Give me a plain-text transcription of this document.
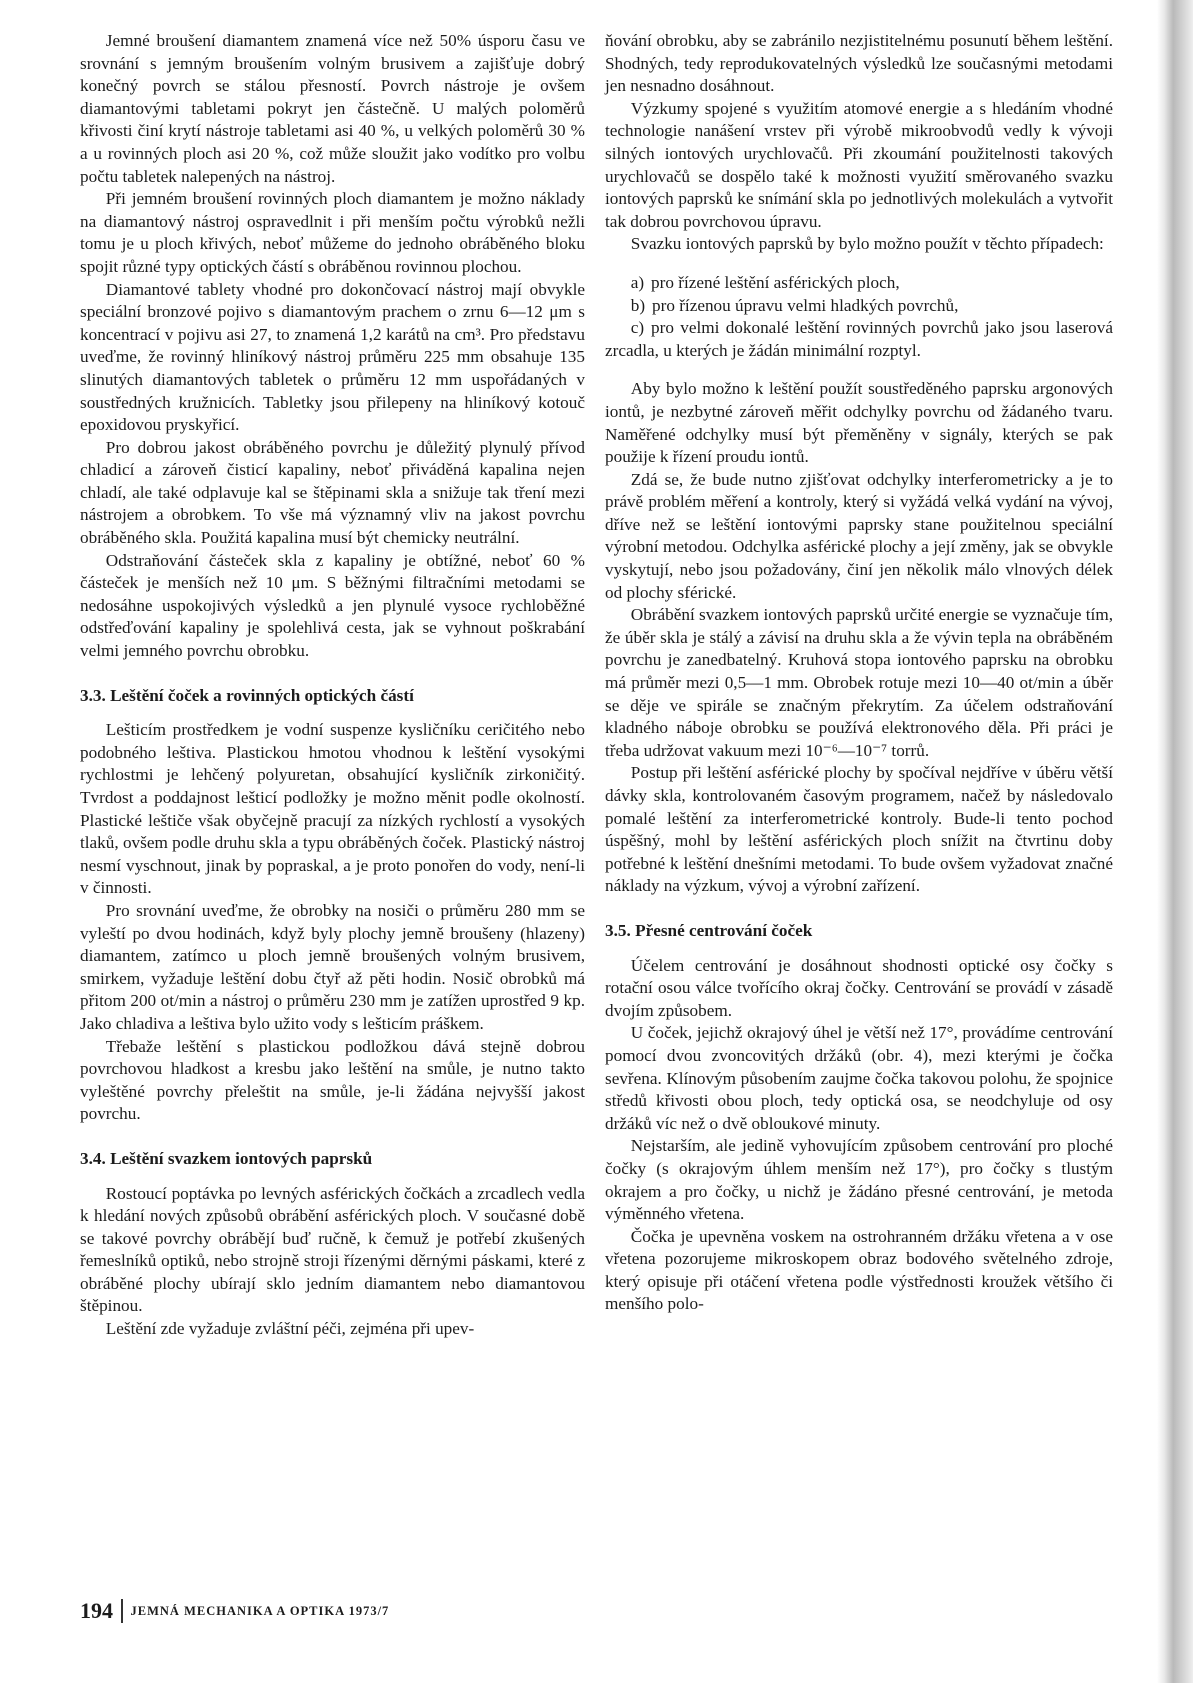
Jemné broušení diamantem znamená více než 50% úsporu času ve srovnání s jemným broušením volným brusivem a zajišťuje dobrý konečný povrch se stálou přesností. Povrch nástroje je ovšem diamantovými tabletami pokryt jen částečně. U malých poloměrů křivosti činí krytí nástroje tabletami asi 40 %, u velkých poloměrů 30 % a u rovinných ploch asi 20 %, což může sloužit jako vodítko pro volbu počtu tabletek nalepených na nástroj.

Při jemném broušení rovinných ploch diamantem je možno náklady na diamantový nástroj ospravedlnit i při menším počtu výrobků nežli tomu je u ploch křivých, neboť můžeme do jednoho obráběného bloku spojit různé typy optických částí s obráběnou rovinnou plochou.

Diamantové tablety vhodné pro dokončovací nástroj mají obvykle speciální bronzové pojivo s diamantovým prachem o zrnu 6—12 μm s koncentrací v pojivu asi 27, to znamená 1,2 karátů na cm³. Pro představu uveďme, že rovinný hliníkový nástroj průměru 225 mm obsahuje 135 slinutých diamantových tabletek o průměru 12 mm uspořádaných v soustředných kružnicích. Tabletky jsou přilepeny na hliníkový kotouč epoxidovou pryskyřicí.

Pro dobrou jakost obráběného povrchu je důležitý plynulý přívod chladicí a zároveň čisticí kapaliny, neboť přiváděná kapalina nejen chladí, ale také odplavuje kal se štěpinami skla a snižuje tak tření mezi nástrojem a obrobkem. To vše má významný vliv na jakost povrchu obráběného skla. Použitá kapalina musí být chemicky neutrální.

Odstraňování částeček skla z kapaliny je obtížné, neboť 60 % částeček je menších než 10 μm. S běžnými filtračními metodami se nedosáhne uspokojivých výsledků a jen plynulé vysoce rychloběžné odstřeďování kapaliny je spolehlivá cesta, jak se vyhnout poškrabání velmi jemného povrchu obrobku.

3.3. Leštění čoček a rovinných optických částí

Lešticím prostředkem je vodní suspenze kysličníku ceričitého nebo podobného leštiva. Plastickou hmotou vhodnou k leštění vysokými rychlostmi je lehčený polyuretan, obsahující kysličník zirkoničitý. Tvrdost a poddajnost lešticí podložky je možno měnit podle okolností. Plastické leštiče však obyčejně pracují za nízkých rychlostí a vysokých tlaků, ovšem podle druhu skla a typu obráběných čoček. Plastický nástroj nesmí vyschnout, jinak by popraskal, a je proto ponořen do vody, není-li v činnosti.

Pro srovnání uveďme, že obrobky na nosiči o průměru 280 mm se vyleští po dvou hodinách, když byly plochy jemně broušeny (hlazeny) diamantem, zatímco u ploch jemně broušených volným brusivem, smirkem, vyžaduje leštění dobu čtyř až pěti hodin. Nosič obrobků má přitom 200 ot/min a nástroj o průměru 230 mm je zatížen uprostřed 9 kp. Jako chladiva a leštiva bylo užito vody s lešticím práškem.

Třebaže leštění s plastickou podložkou dává stejně dobrou povrchovou hladkost a kresbu jako leštění na smůle, je nutno takto vyleštěné povrchy přeleštit na smůle, je-li žádána nejvyšší jakost povrchu.

3.4. Leštění svazkem iontových paprsků

Rostoucí poptávka po levných asférických čočkách a zrcadlech vedla k hledání nových způsobů obrábění asférických ploch. V současné době se takové povrchy obrábějí buď ručně, k čemuž je potřebí zkušených řemeslníků optiků, nebo strojně stroji řízenými děrnými páskami, které z obráběné plochy ubírají sklo jedním diamantem nebo diamantovou štěpinou.

Leštění zde vyžaduje zvláštní péči, zejména při upev-

ňování obrobku, aby se zabránilo nezjistitelnému posunutí během leštění. Shodných, tedy reprodukovatelných výsledků lze současnými metodami jen nesnadno dosáhnout.

Výzkumy spojené s využitím atomové energie a s hledáním vhodné technologie nanášení vrstev při výrobě mikroobvodů vedly k vývoji silných iontových urychlovačů. Při zkoumání použitelnosti takových urychlovačů se dospělo také k možnosti využití směrovaného svazku iontových paprsků ke snímání skla po jednotlivých molekulách a vytvořit tak dobrou povrchovou úpravu.

Svazku iontových paprsků by bylo možno použít v těchto případech:

a) pro řízené leštění asférických ploch,
b) pro řízenou úpravu velmi hladkých povrchů,
c) pro velmi dokonalé leštění rovinných povrchů jako jsou laserová zrcadla, u kterých je žádán minimální rozptyl.

Aby bylo možno k leštění použít soustředěného paprsku argonových iontů, je nezbytné zároveň měřit odchylky povrchu od žádaného tvaru. Naměřené odchylky musí být přeměněny v signály, kterých se pak použije k řízení proudu iontů.

Zdá se, že bude nutno zjišťovat odchylky interferometricky a je to právě problém měření a kontroly, který si vyžádá velká vydání na vývoj, dříve než se leštění iontovými paprsky stane použitelnou speciální výrobní metodou. Odchylka asférické plochy a její změny, jak se obvykle vyskytují, nebo jsou požadovány, činí jen několik málo vlnových délek od plochy sférické.

Obrábění svazkem iontových paprsků určité energie se vyznačuje tím, že úběr skla je stálý a závisí na druhu skla a že vývin tepla na obráběném povrchu je zanedbatelný. Kruhová stopa iontového paprsku na obrobku má průměr mezi 0,5—1 mm. Obrobek rotuje mezi 10—40 ot/min a úběr se děje ve spirále se značným překrytím. Za účelem odstraňování kladného náboje obrobku se používá elektronového děla. Při práci je třeba udržovat vakuum mezi 10⁻⁶—10⁻⁷ torrů.

Postup při leštění asférické plochy by spočíval nejdříve v úběru větší dávky skla, kontrolovaném časovým programem, načež by následovalo pomalé leštění za interferometrické kontroly. Bude-li tento pochod úspěšný, mohl by leštění asférických ploch snížit na čtvrtinu doby potřebné k leštění dnešními metodami. To bude ovšem vyžadovat značné náklady na výzkum, vývoj a výrobní zařízení.

3.5. Přesné centrování čoček

Účelem centrování je dosáhnout shodnosti optické osy čočky s rotační osou válce tvořícího okraj čočky. Centrování se provádí v zásadě dvojím způsobem.

U čoček, jejichž okrajový úhel je větší než 17°, provádíme centrování pomocí dvou zvoncovitých držáků (obr. 4), mezi kterými je čočka sevřena. Klínovým působením zaujme čočka takovou polohu, že spojnice středů křivosti obou ploch, tedy optická osa, se neodchyluje od osy držáků víc než o dvě obloukové minuty.

Nejstarším, ale jedině vyhovujícím způsobem centrování pro ploché čočky (s okrajovým úhlem menším než 17°), pro čočky s tlustým okrajem a pro čočky, u nichž je žádáno přesné centrování, je metoda výměnného vřetena.

Čočka je upevněna voskem na ostrohranném držáku vřetena a v ose vřetena pozorujeme mikroskopem obraz bodového světelného zdroje, který opisuje při otáčení vřetena podle výstřednosti kroužek většího či menšího polo-

194 JEMNÁ MECHANIKA A OPTIKA 1973/7
